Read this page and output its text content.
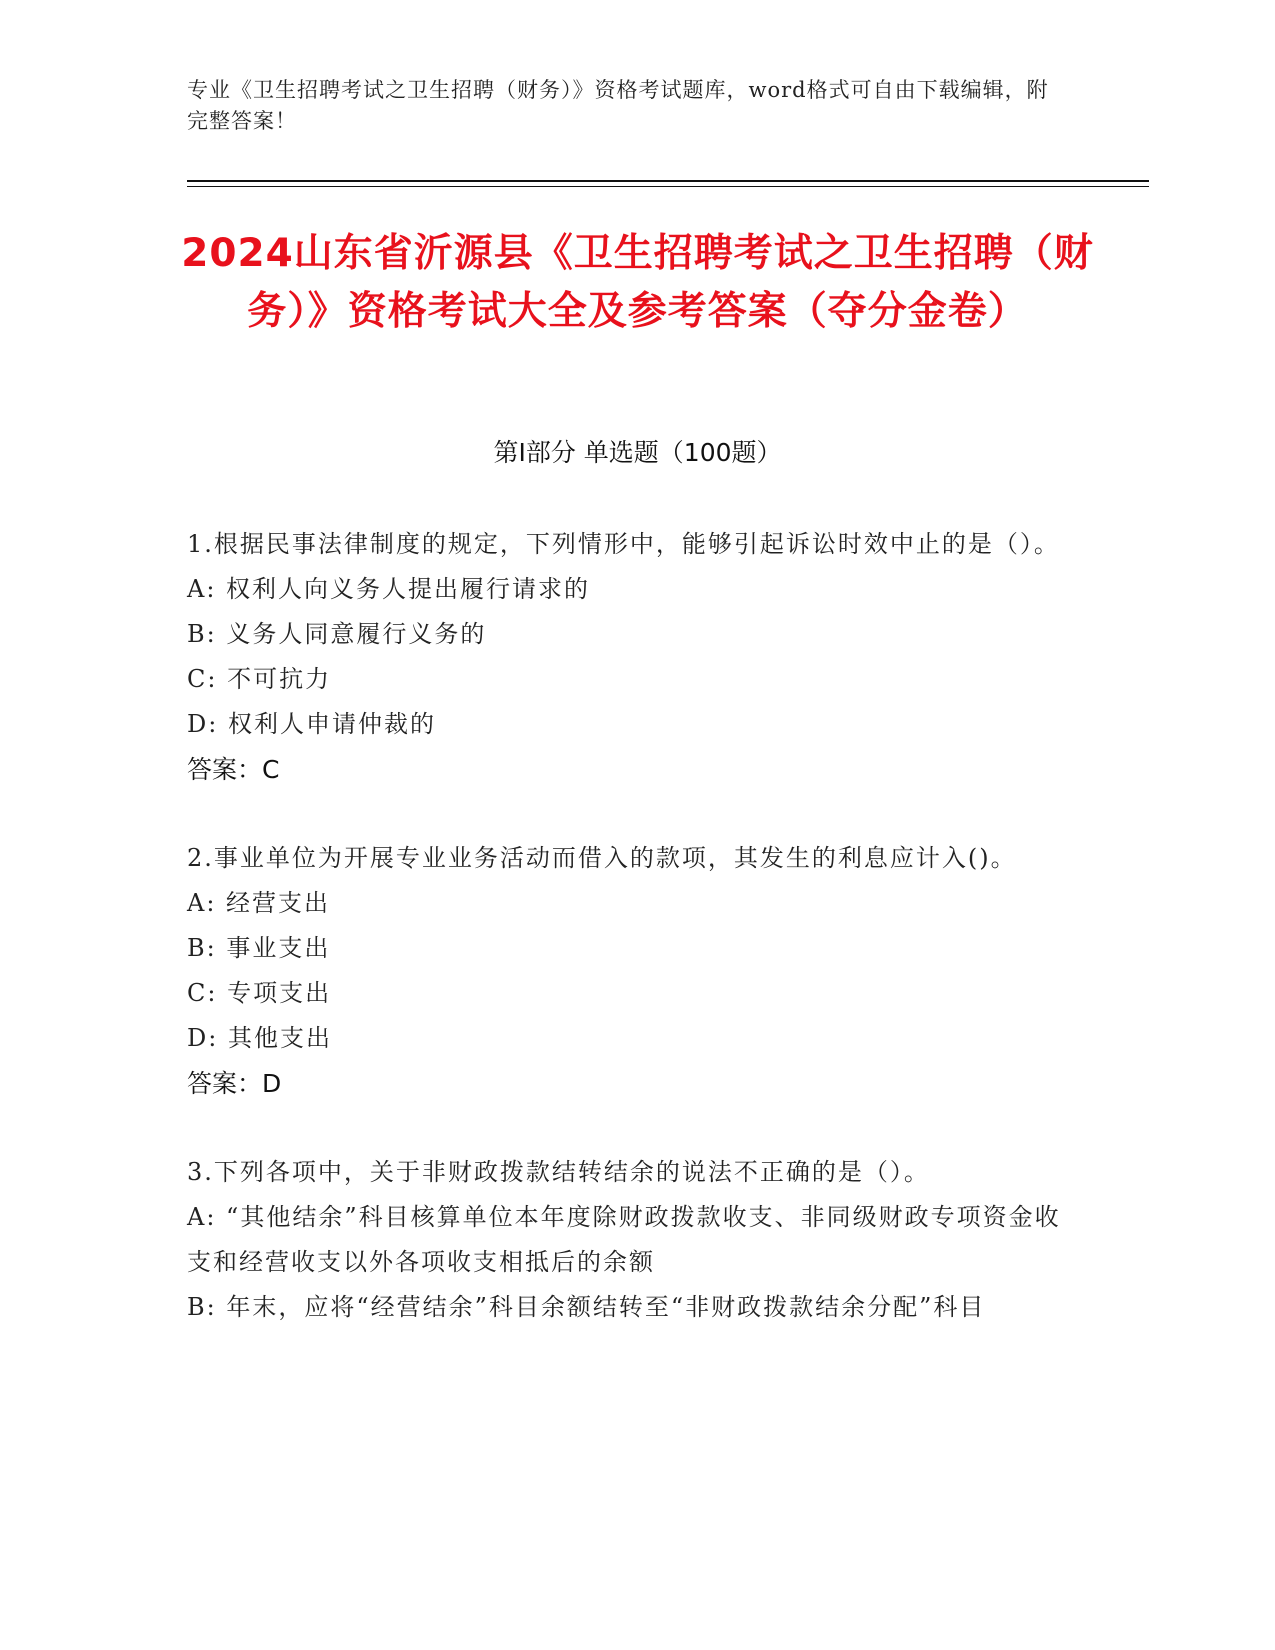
专业《卫生招聘考试之卫生招聘（财务）》资格考试题库，word格式可自由下载编辑，附完整答案！
2024山东省沂源县《卫生招聘考试之卫生招聘（财务）》资格考试大全及参考答案（夺分金卷）
第I部分 单选题（100题）
1.根据民事法律制度的规定，下列情形中，能够引起诉讼时效中止的是（）。
A: 权利人向义务人提出履行请求的
B: 义务人同意履行义务的
C: 不可抗力
D: 权利人申请仲裁的
答案：C
2.事业单位为开展专业业务活动而借入的款项，其发生的利息应计入()。
A: 经营支出
B: 事业支出
C: 专项支出
D: 其他支出
答案：D
3.下列各项中，关于非财政拨款结转结余的说法不正确的是（）。
A: “其他结余”科目核算单位本年度除财政拨款收支、非同级财政专项资金收支和经营收支以外各项收支相抵后的余额
B: 年末，应将“经营结余”科目余额结转至“非财政拨款结余分配”科目
